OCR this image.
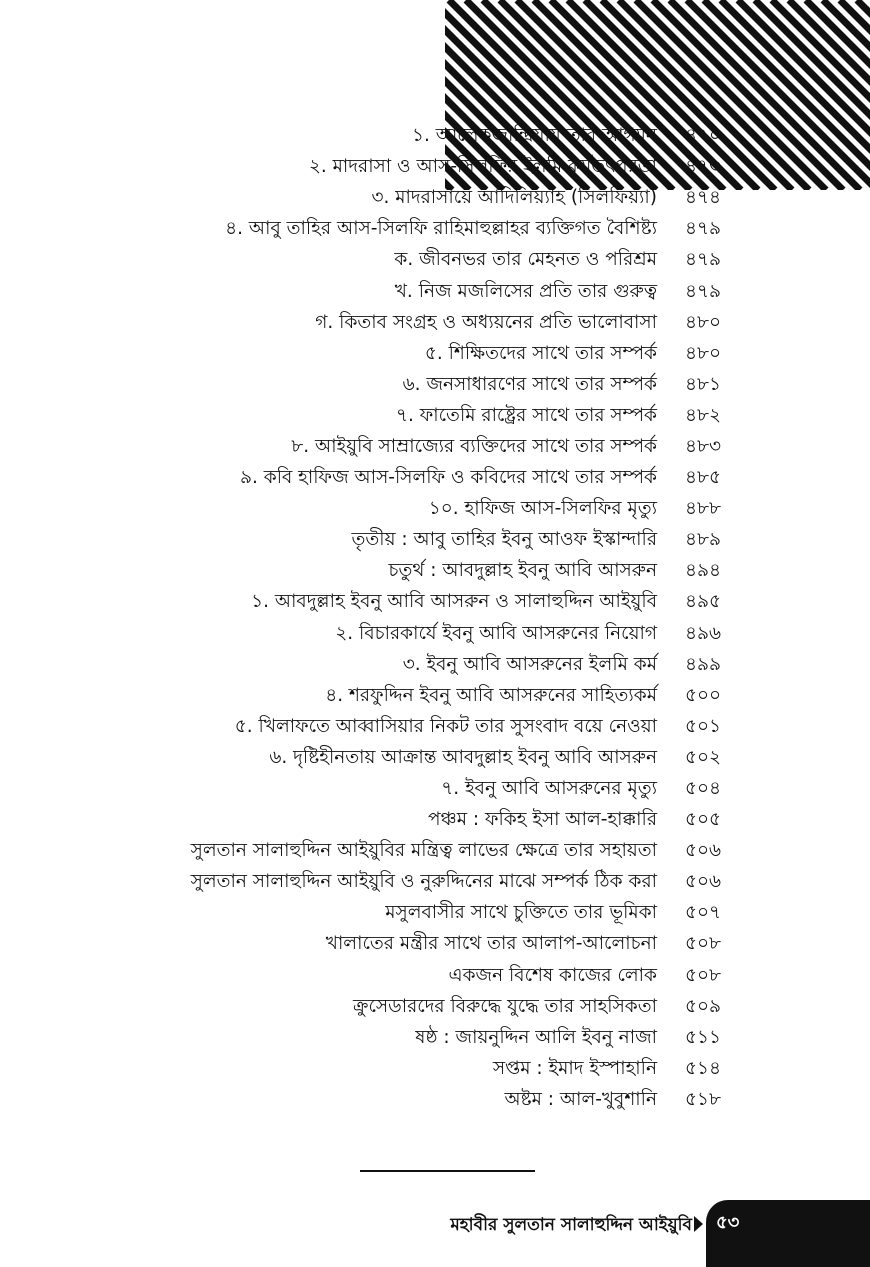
১. আলেকজান্দ্রিয়ায় তার আগমন ৪৭০
২. মাদরাসা ও আস-সিলফির ইলমি কর্মতৎপরতা ৪৭৩
৩. মাদরাসায়ে আদিলিয়্যাহ (সিলফিয়্যা) ৪৭৪
৪. আবু তাহির আস-সিলফি রাহিমাহুল্লাহর ব্যক্তিগত বৈশিষ্ট্য ৪৭৯
ক. জীবনভর তার মেহনত ও পরিশ্রম ৪৭৯
খ. নিজ মজলিসের প্রতি তার গুরুত্ব ৪৭৯
গ. কিতাব সংগ্রহ ও অধ্যয়নের প্রতি ভালোবাসা ৪৮০
৫. শিক্ষিতদের সাথে তার সম্পর্ক ৪৮০
৬. জনসাধারণের সাথে তার সম্পর্ক ৪৮১
৭. ফাতেমি রাষ্ট্রের সাথে তার সম্পর্ক ৪৮২
৮. আইয়ুবি সাম্রাজ্যের ব্যক্তিদের সাথে তার সম্পর্ক ৪৮৩
৯. কবি হাফিজ আস-সিলফি ও কবিদের সাথে তার সম্পর্ক ৪৮৫
১০. হাফিজ আস-সিলফির মৃত্যু ৪৮৮
তৃতীয় : আবু তাহির ইবনু আওফ ইস্কান্দারি ৪৮৯
চতুর্থ : আবদুল্লাহ ইবনু আবি আসরুন ৪৯৪
১. আবদুল্লাহ ইবনু আবি আসরুন ও সালাহুদ্দিন আইয়ুবি ৪৯৫
২. বিচারকার্যে ইবনু আবি আসরুনের নিয়োগ ৪৯৬
৩. ইবনু আবি আসরুনের ইলমি কর্ম ৪৯৯
৪. শরফুদ্দিন ইবনু আবি আসরুনের সাহিত্যকর্ম ৫০০
৫. খিলাফতে আব্বাসিয়ার নিকট তার সুসংবাদ বয়ে নেওয়া ৫০১
৬. দৃষ্টিহীনতায় আক্রান্ত আবদুল্লাহ ইবনু আবি আসরুন ৫০২
৭. ইবনু আবি আসরুনের মৃত্যু ৫০৪
পঞ্চম : ফকিহ ইসা আল-হাক্কারি ৫০৫
সুলতান সালাহুদ্দিন আইয়ুবির মন্ত্রিত্ব লাভের ক্ষেত্রে তার সহায়তা ৫০৬
সুলতান সালাহুদ্দিন আইয়ুবি ও নুরুদ্দিনের মাঝে সম্পর্ক ঠিক করা ৫০৬
মসুলবাসীর সাথে চুক্তিতে তার ভূমিকা ৫০৭
খালাতের মন্ত্রীর সাথে তার আলাপ-আলোচনা ৫০৮
একজন বিশেষ কাজের লোক ৫০৮
ক্রুসেডারদের বিরুদ্ধে যুদ্ধে তার সাহসিকতা ৫০৯
ষষ্ঠ : জায়নুদ্দিন আলি ইবনু নাজা ৫১১
সপ্তম : ইমাদ ইস্পাহানি ৫১৪
অষ্টম : আল-খুবুশানি ৫১৮
মহাবীর সুলতান সালাহুদ্দিন আইয়ুবি ৫৩
